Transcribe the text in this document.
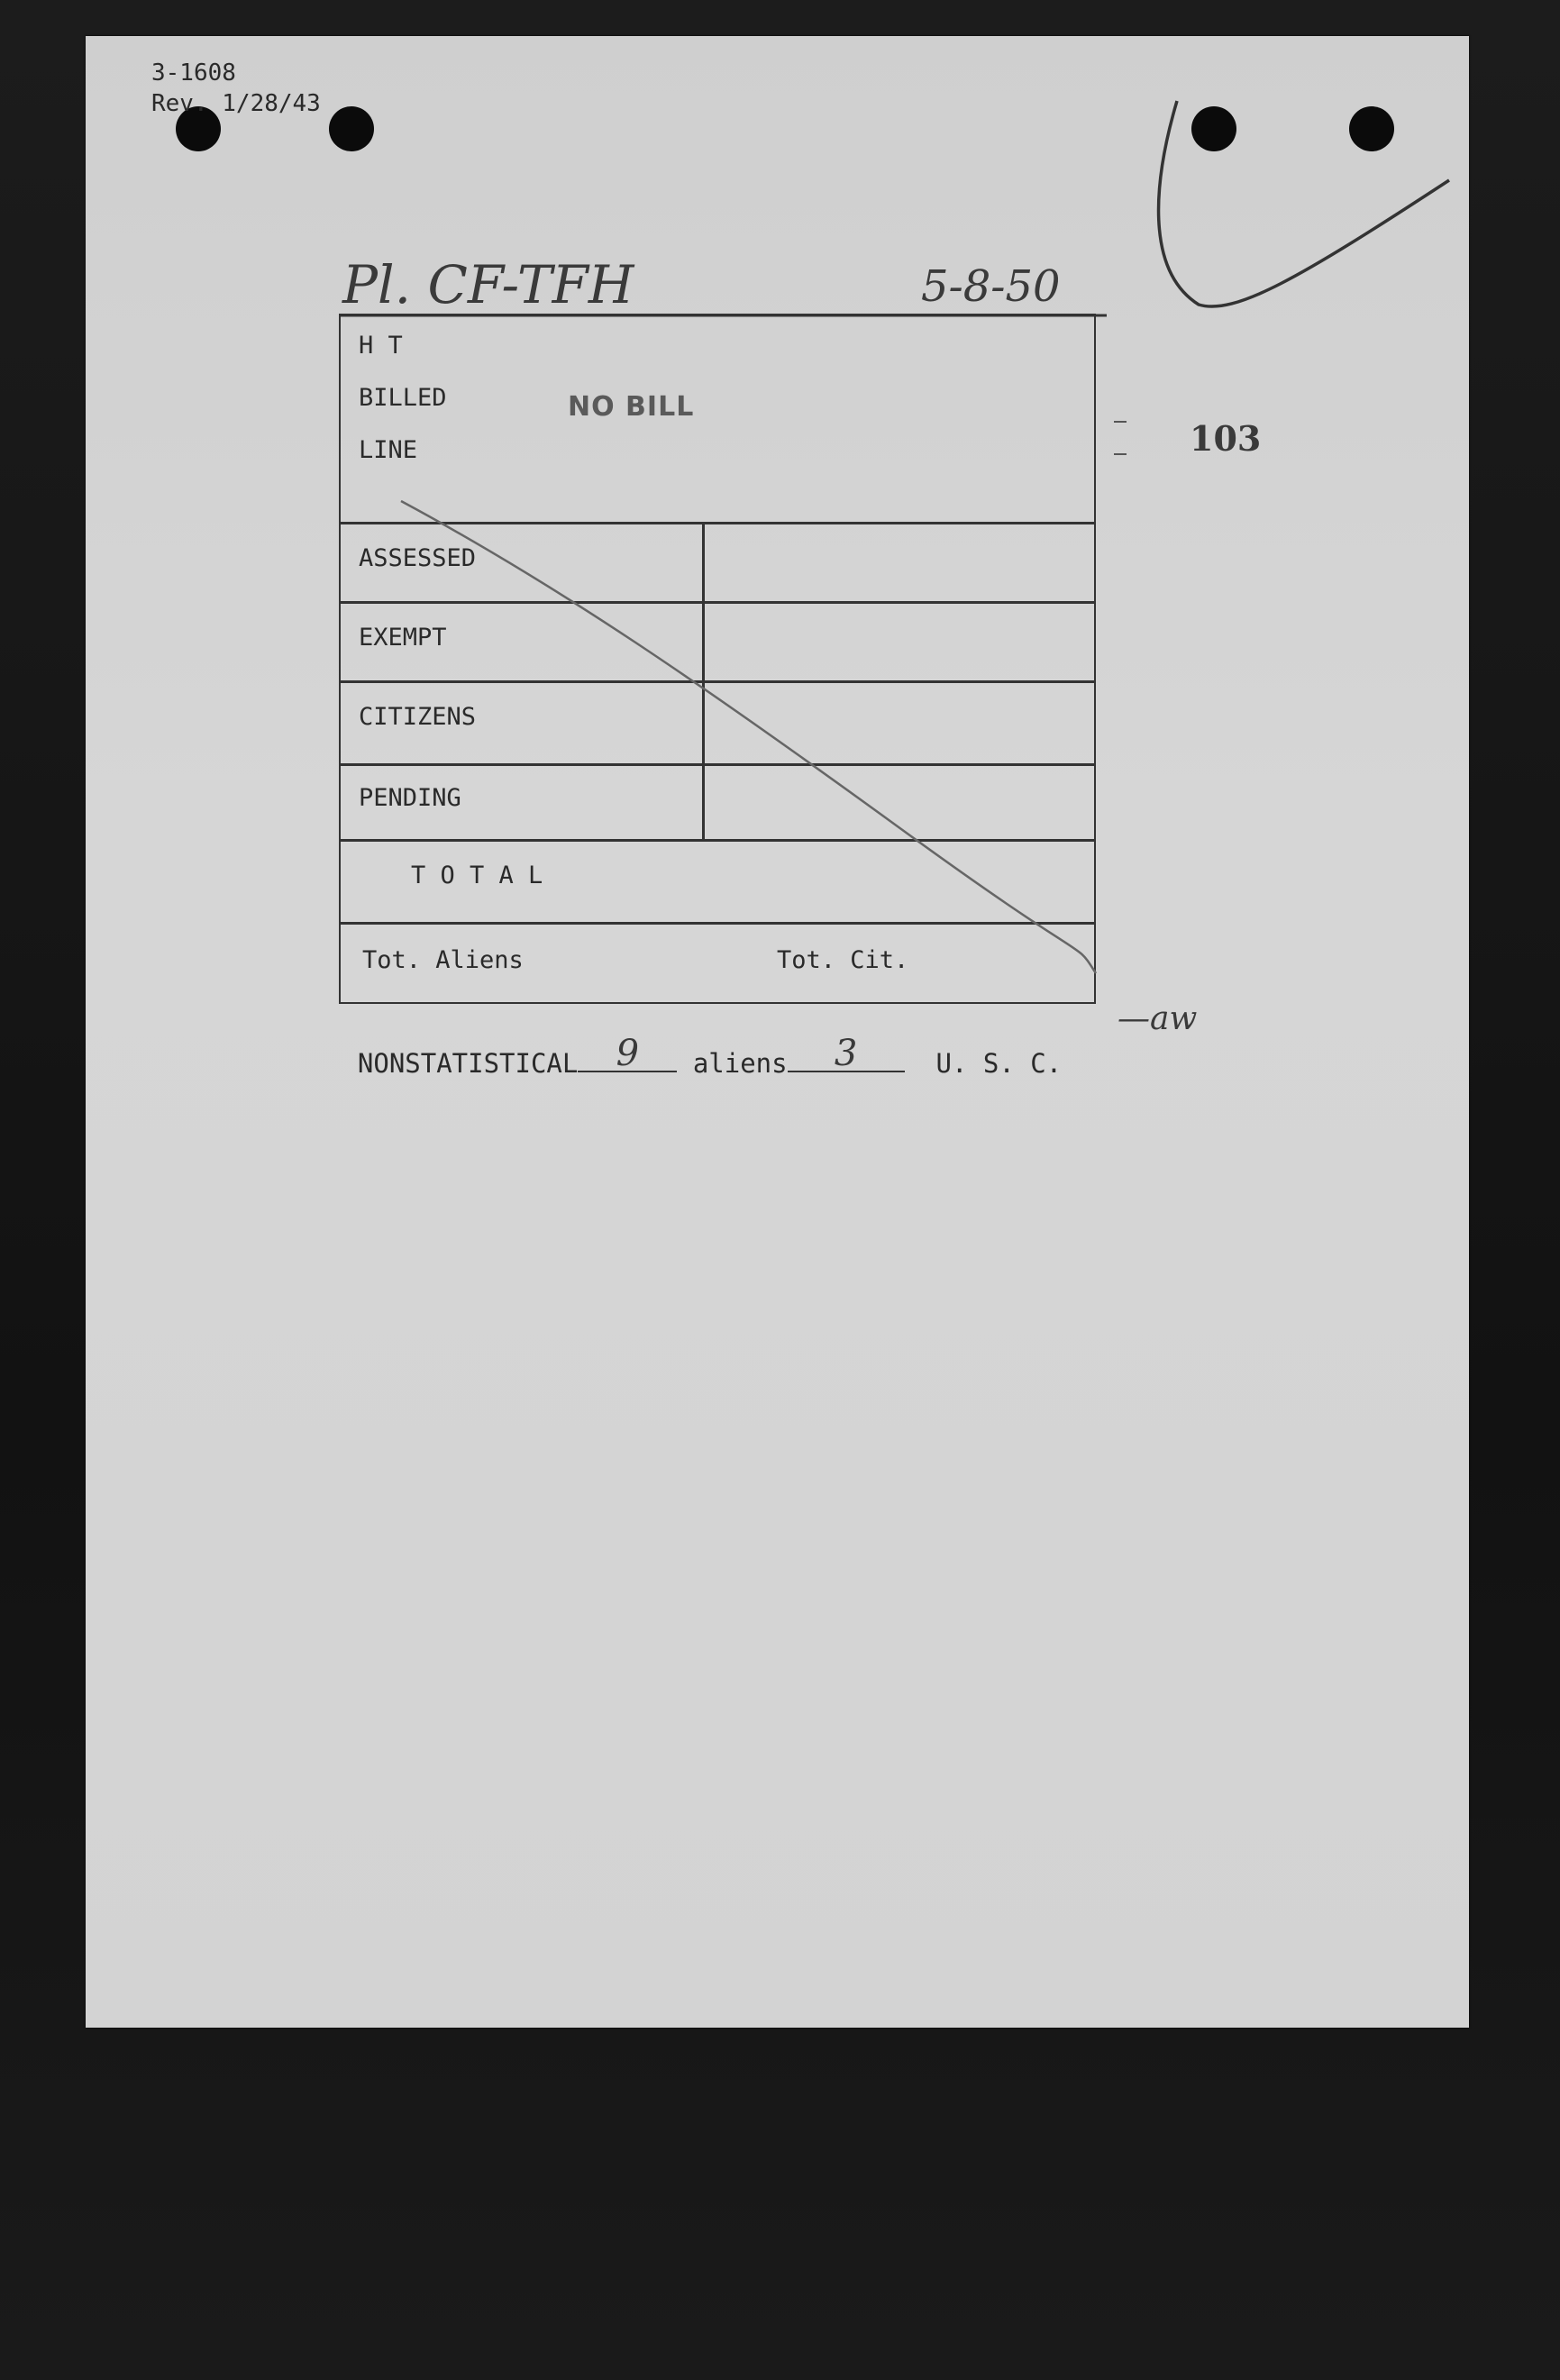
3-1608
Rev. 1/28/43
Pl. CF-TFH	5-8-50
103
H T
BILLED
LINE
NO BILL
ASSESSED
EXEMPT
CITIZENS
PENDING
T O T A L
Tot. Aliens	Tot. Cit.

NONSTATISTICAL	9	aliens	3	U. S. C.

—aw
